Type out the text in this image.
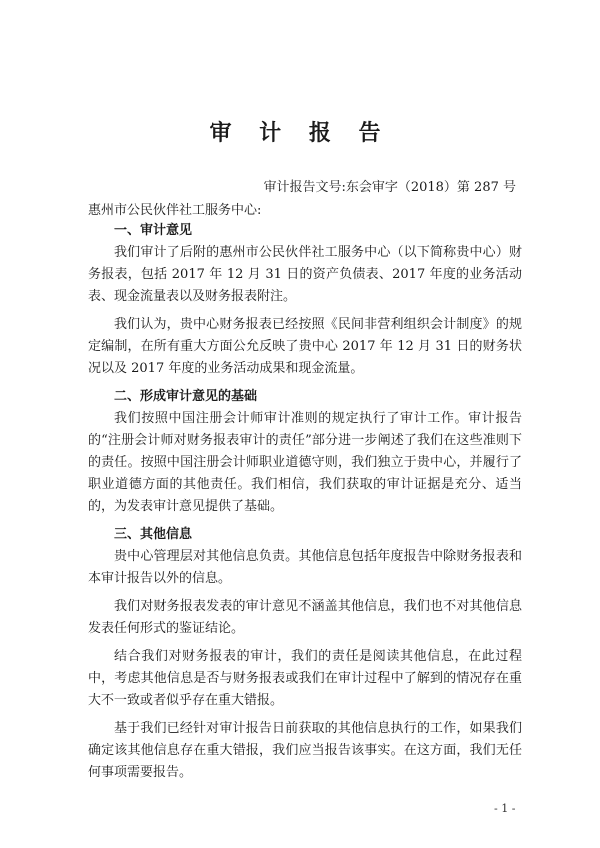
审 计 报 告
审计报告文号:东会审字（2018）第 287 号
惠州市公民伙伴社工服务中心:

一、审计意见

我们审计了后附的惠州市公民伙伴社工服务中心（以下简称贵中心）财务报表，包括 2017 年 12 月 31 日的资产负债表、2017 年度的业务活动表、现金流量表以及财务报表附注。

我们认为，贵中心财务报表已经按照《民间非营利组织会计制度》的规定编制，在所有重大方面公允反映了贵中心 2017 年 12 月 31 日的财务状况以及 2017 年度的业务活动成果和现金流量。

二、形成审计意见的基础

我们按照中国注册会计师审计准则的规定执行了审计工作。审计报告的“注册会计师对财务报表审计的责任”部分进一步阐述了我们在这些准则下的责任。按照中国注册会计师职业道德守则，我们独立于贵中心，并履行了职业道德方面的其他责任。我们相信，我们获取的审计证据是充分、适当的，为发表审计意见提供了基础。

三、其他信息

贵中心管理层对其他信息负责。其他信息包括年度报告中除财务报表和本审计报告以外的信息。

我们对财务报表发表的审计意见不涵盖其他信息，我们也不对其他信息发表任何形式的鉴证结论。

结合我们对财务报表的审计，我们的责任是阅读其他信息，在此过程中，考虑其他信息是否与财务报表或我们在审计过程中了解到的情况存在重大不一致或者似乎存在重大错报。

基于我们已经针对审计报告日前获取的其他信息执行的工作，如果我们确定该其他信息存在重大错报，我们应当报告该事实。在这方面，我们无任何事项需要报告。

- 1 -
